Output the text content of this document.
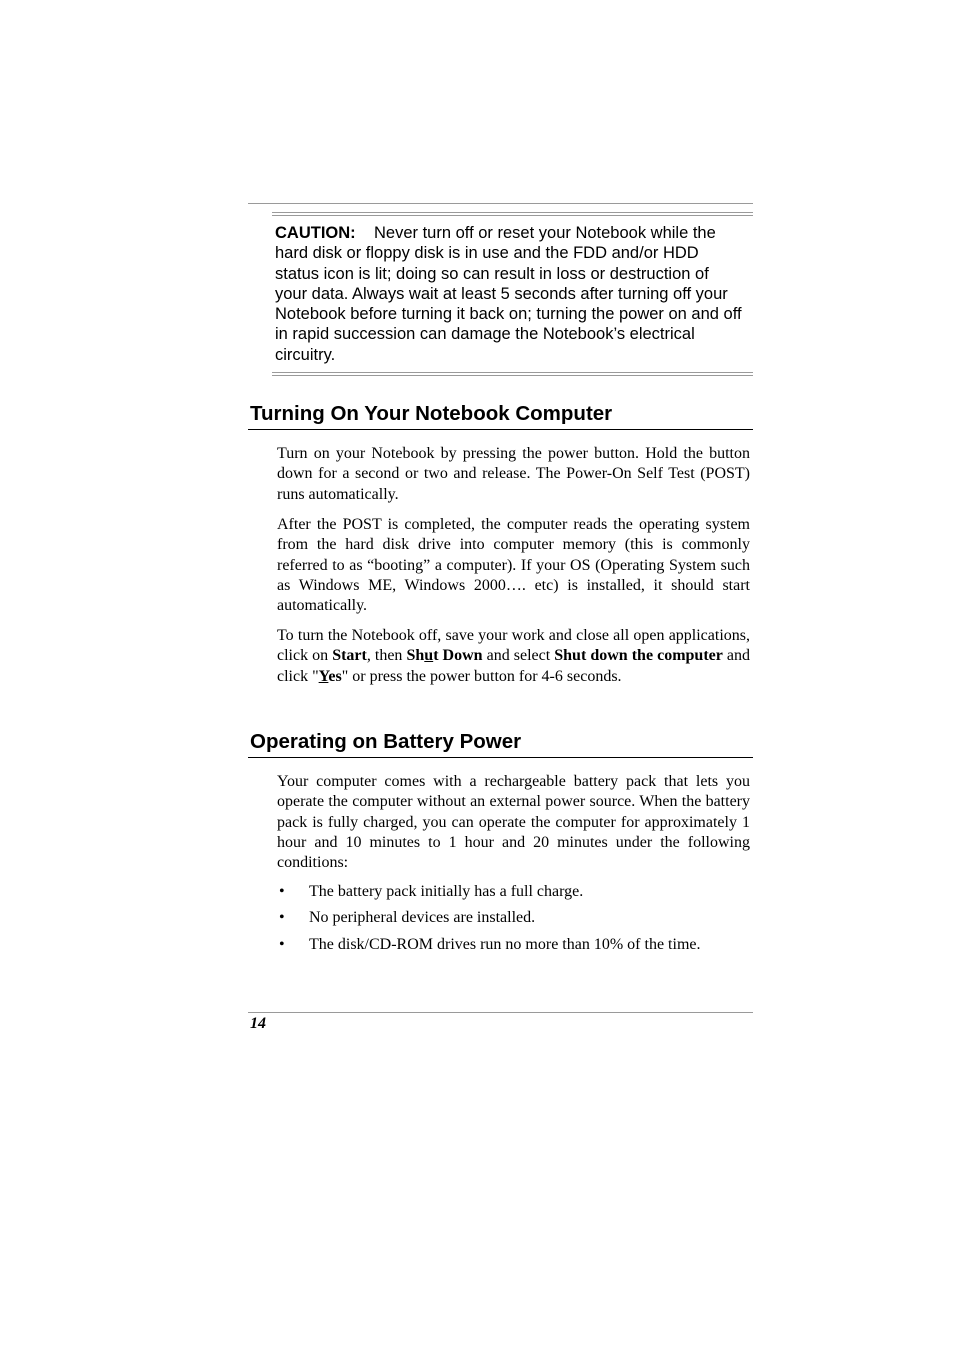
CAUTION: Never turn off or reset your Notebook while the hard disk or floppy disk is in use and the FDD and/or HDD status icon is lit; doing so can result in loss or destruction of your data. Always wait at least 5 seconds after turning off your Notebook before turning it back on; turning the power on and off in rapid succession can damage the Notebook’s electrical circuitry.
Turning On Your Notebook Computer

Turn on your Notebook by pressing the power button. Hold the button down for a second or two and release. The Power-On Self Test (POST) runs automatically.

After the POST is completed, the computer reads the operating system from the hard disk drive into computer memory (this is commonly referred to as “booting” a computer). If your OS (Operating System such as Windows ME, Windows 2000…. etc) is installed, it should start automatically.

To turn the Notebook off, save your work and close all open applications, click on Start, then Shut Down and select Shut down the computer and click "Yes" or press the power button for 4-6 seconds.

Operating on Battery Power

Your computer comes with a rechargeable battery pack that lets you operate the computer without an external power source. When the battery pack is fully charged, you can operate the computer for approximately 1 hour and 10 minutes to 1 hour and 20 minutes under the following conditions:

• The battery pack initially has a full charge.
• No peripheral devices are installed.
• The disk/CD-ROM drives run no more than 10% of the time.
14
